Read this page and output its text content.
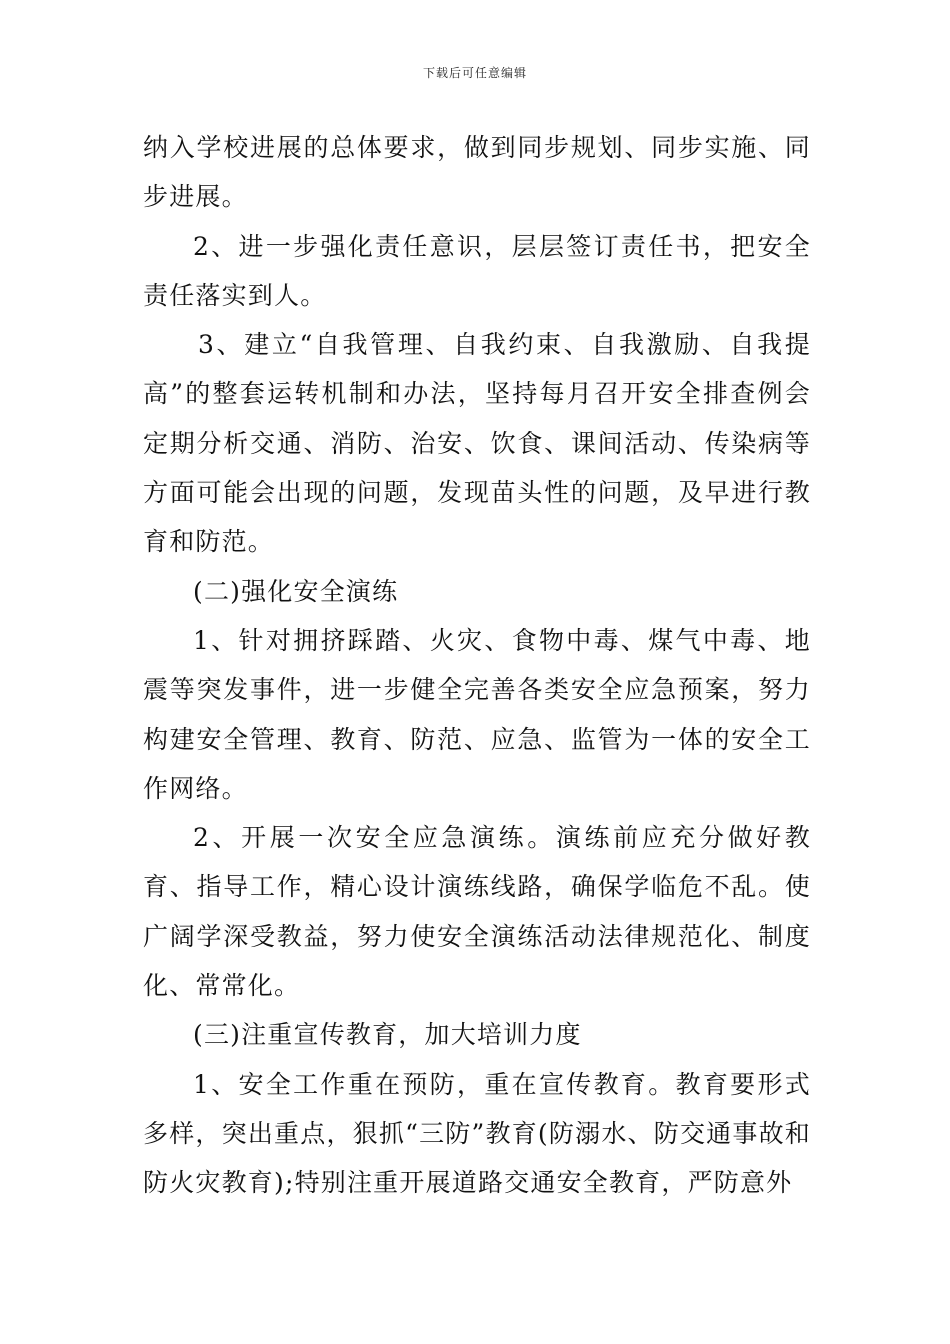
下载后可任意编辑

纳入学校进展的总体要求，做到同步规划、同步实施、同步进展。

2、进一步强化责任意识，层层签订责任书，把安全责任落实到人。

3、建立“自我管理、自我约束、自我激励、自我提高”的整套运转机制和办法，坚持每月召开安全排查例会定期分析交通、消防、治安、饮食、课间活动、传染病等方面可能会出现的问题，发现苗头性的问题，及早进行教育和防范。

(二)强化安全演练

1、针对拥挤踩踏、火灾、食物中毒、煤气中毒、地震等突发事件，进一步健全完善各类安全应急预案，努力构建安全管理、教育、防范、应急、监管为一体的安全工作网络。

2、开展一次安全应急演练。演练前应充分做好教育、指导工作，精心设计演练线路，确保学临危不乱。使广阔学深受教益，努力使安全演练活动法律规范化、制度化、常常化。

(三)注重宣传教育，加大培训力度

1、安全工作重在预防，重在宣传教育。教育要形式多样，突出重点，狠抓“三防”教育(防溺水、防交通事故和防火灾教育);特别注重开展道路交通安全教育，严防意外
